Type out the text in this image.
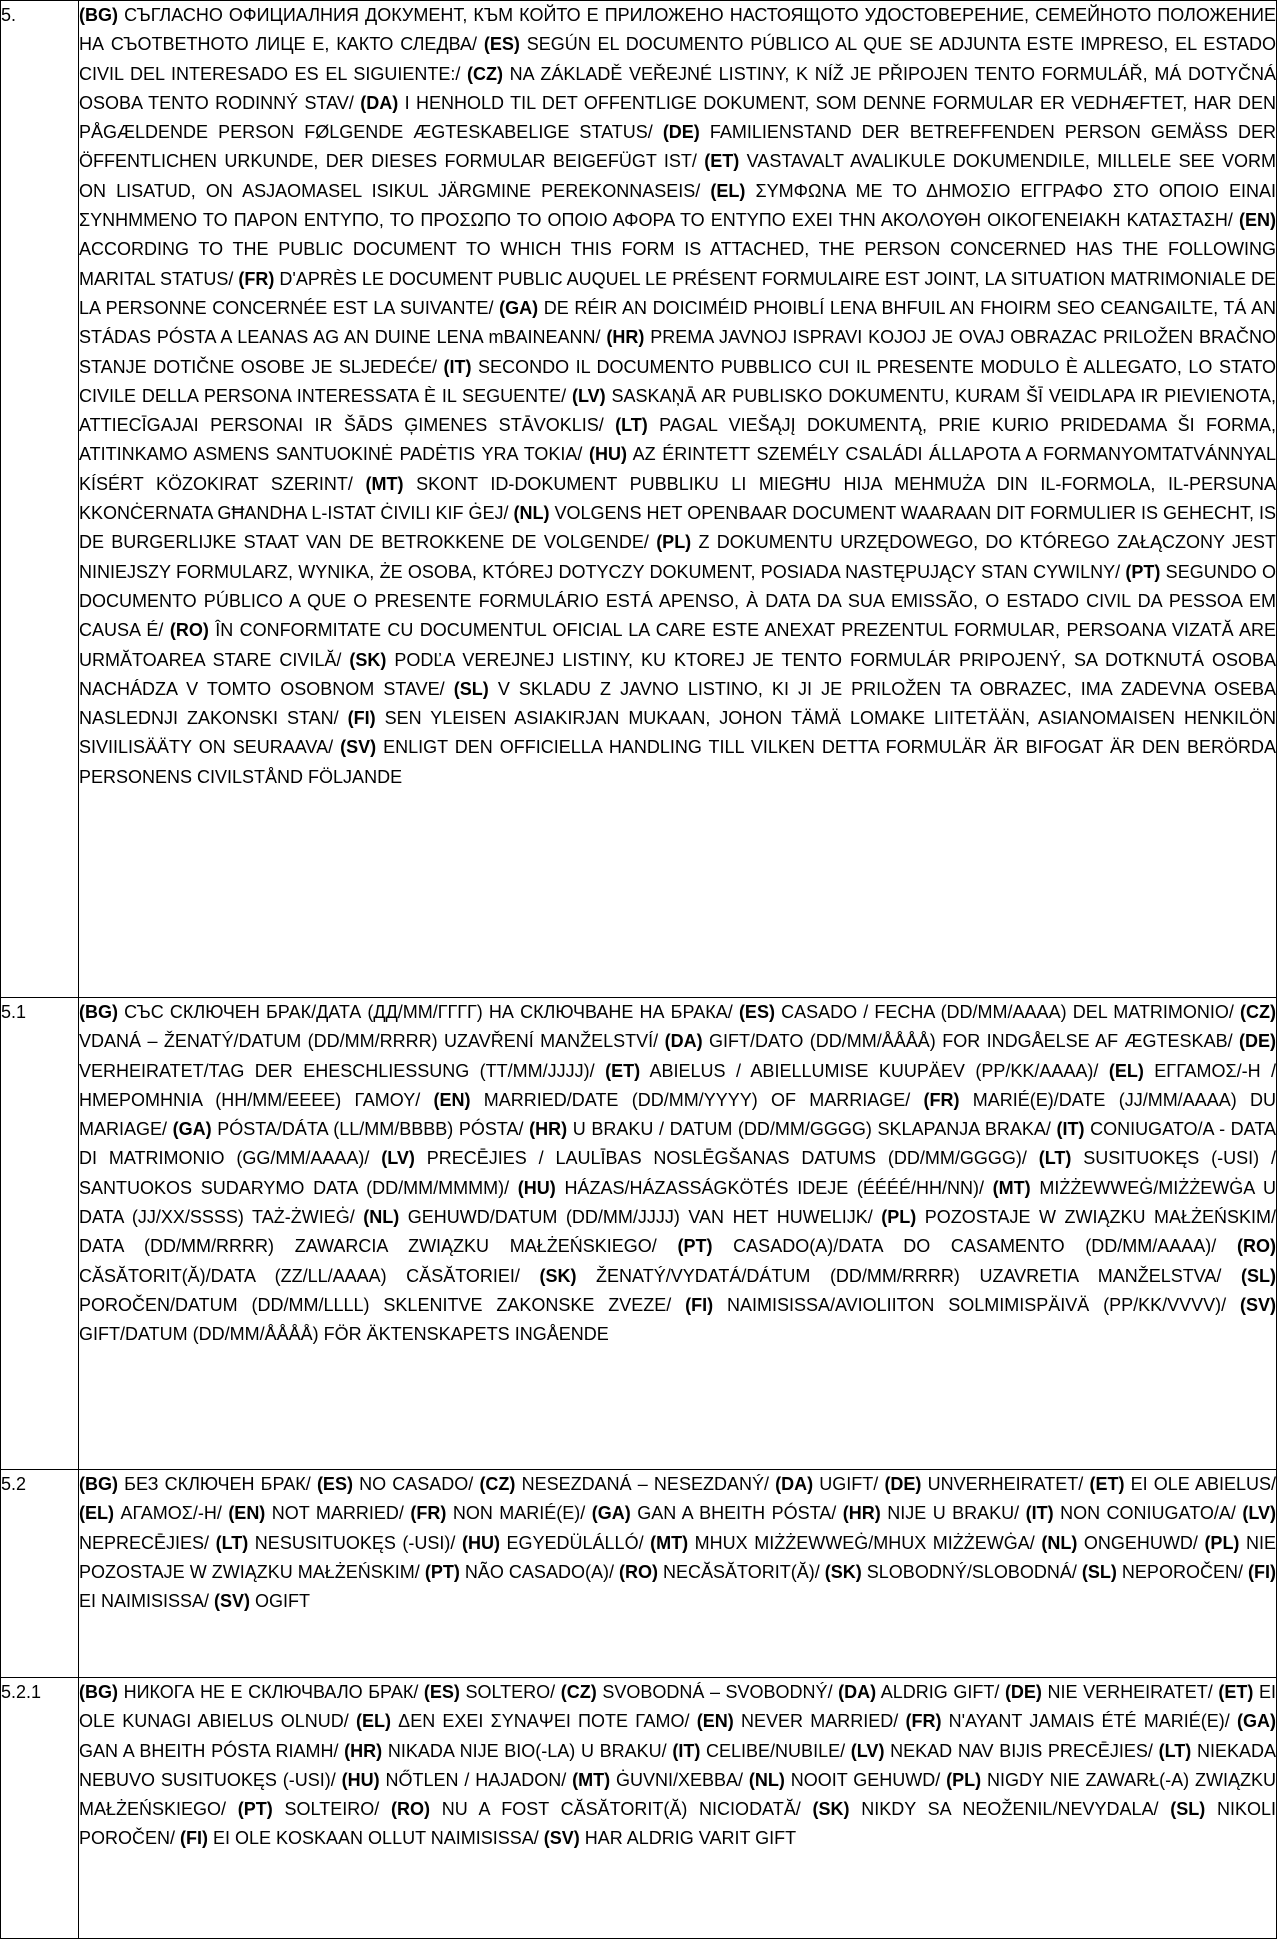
5.	(BG) СЪГЛАСНО ОФИЦИАЛНИЯ ДОКУМЕНТ, КЪМ КОЙТО Е ПРИЛОЖЕНО НАСТОЯЩОТО УДОСТОВЕРЕНИЕ, СЕМЕЙНОТО ПОЛОЖЕНИЕ НА СЪОТВЕТНОТО ЛИЦЕ Е, КАКТО СЛЕДВА/ (ES) SEGÚN EL DOCUMENTO PÚBLICO AL QUE SE ADJUNTA ESTE IMPRESO, EL ESTADO CIVIL DEL INTERESADO ES EL SIGUIENTE:/ (CZ) NA ZÁKLADĚ VEŘEJNÉ LISTINY, K NÍŽ JE PŘIPOJEN TENTO FORMULÁŘ, MÁ DOTYČNÁ OSOBA TENTO RODINNÝ STAV/ (DA) I HENHOLD TIL DET OFFENTLIGE DOKUMENT, SOM DENNE FORMULAR ER VEDHÆFTET, HAR DEN PÅGÆLDENDE PERSON FØLGENDE ÆGTESKABELIGE STATUS/ (DE) FAMILIENSTAND DER BETREFFENDEN PERSON GEMÄSS DER ÖFFENTLICHEN URKUNDE, DER DIESES FORMULAR BEIGEFÜGT IST/ (ET) VASTAVALT AVALIKULE DOKUMENDILE, MILLELE SEE VORM ON LISATUD, ON ASJAOMASEL ISIKUL JÄRGMINE PEREKONNASEIS/ (EL) ΣΥΜΦΩΝΑ ΜΕ ΤΟ ΔΗΜΟΣΙΟ ΕΓΓΡΑΦΟ ΣΤΟ ΟΠΟΙΟ ΕΙΝΑΙ ΣΥΝΗΜΜΕΝΟ ΤΟ ΠΑΡΟΝ ΕΝΤΥΠΟ, ΤΟ ΠΡΟΣΩΠΟ ΤΟ ΟΠΟΙΟ ΑΦΟΡΑ ΤΟ ΕΝΤΥΠΟ ΕΧΕΙ ΤΗΝ ΑΚΟΛΟΥΘΗ ΟΙΚΟΓΕΝΕΙΑΚΗ ΚΑΤΑΣΤΑΣΗ/ (EN) ACCORDING TO THE PUBLIC DOCUMENT TO WHICH THIS FORM IS ATTACHED, THE PERSON CONCERNED HAS THE FOLLOWING MARITAL STATUS/ (FR) D'APRÈS LE DOCUMENT PUBLIC AUQUEL LE PRÉSENT FORMULAIRE EST JOINT, LA SITUATION MATRIMONIALE DE LA PERSONNE CONCERNÉE EST LA SUIVANTE/ (GA) DE RÉIR AN DOICIMÉID PHOIBLÍ LENA BHFUIL AN FHOIRM SEO CEANGAILTE, TÁ AN STÁDAS PÓSTA A LEANAS AG AN DUINE LENA mBAINEANN/ (HR) PREMA JAVNOJ ISPRAVI KOJOJ JE OVAJ OBRAZAC PRILOŽEN BRAČNO STANJE DOTIČNE OSOBE JE SLJEDEĆE/ (IT) SECONDO IL DOCUMENTO PUBBLICO CUI IL PRESENTE MODULO È ALLEGATO, LO STATO CIVILE DELLA PERSONA INTERESSATA È IL SEGUENTE/ (LV) SASKAŅĀ AR PUBLISKO DOKUMENTU, KURAM ŠĪ VEIDLAPA IR PIEVIENOTA, ATTIECĪGAJAI PERSONAI IR ŠĀDS ĢIMENES STĀVOKLIS/ (LT) PAGAL VIEŠĄJĮ DOKUMENTĄ, PRIE KURIO PRIDEDAMA ŠI FORMA, ATITINKAMO ASMENS SANTUOKINĖ PADĖTIS YRA TOKIA/ (HU) AZ ÉRINTETT SZEMÉLY CSALÁDI ÁLLAPOTA A FORMANYOMTATVÁNNYAL KÍSÉRT KÖZOKIRAT SZERINT/ (MT) SKONT ID-DOKUMENT PUBBLIKU LI MIEGĦU HIJA MEHMUŻA DIN IL-FORMOLA, IL-PERSUNA KKONĊERNATA GĦANDHA L-ISTAT ĊIVILI KIF ĠEJ/ (NL) VOLGENS HET OPENBAAR DOCUMENT WAARAAN DIT FORMULIER IS GEHECHT, IS DE BURGERLIJKE STAAT VAN DE BETROKKENE DE VOLGENDE/ (PL) Z DOKUMENTU URZĘDOWEGO, DO KTÓREGO ZAŁĄCZONY JEST NINIEJSZY FORMULARZ, WYNIKA, ŻE OSOBA, KTÓREJ DOTYCZY DOKUMENT, POSIADA NASTĘPUJĄCY STAN CYWILNY/ (PT) SEGUNDO O DOCUMENTO PÚBLICO A QUE O PRESENTE FORMULÁRIO ESTÁ APENSO, À DATA DA SUA EMISSÃO, O ESTADO CIVIL DA PESSOA EM CAUSA É/ (RO) ÎN CONFORMITATE CU DOCUMENTUL OFICIAL LA CARE ESTE ANEXAT PREZENTUL FORMULAR, PERSOANA VIZATĂ ARE URMĂTOAREA STARE CIVILĂ/ (SK) PODĽA VEREJNEJ LISTINY, KU KTOREJ JE TENTO FORMULÁR PRIPOJENÝ, SA DOTKNUTÁ OSOBA NACHÁDZA V TOMTO OSOBNOM STAVE/ (SL) V SKLADU Z JAVNO LISTINO, KI JI JE PRILOŽEN TA OBRAZEC, IMA ZADEVNA OSEBA NASLEDNJI ZAKONSKI STAN/ (FI) SEN YLEISEN ASIAKIRJAN MUKAAN, JOHON TÄMÄ LOMAKE LIITETÄÄN, ASIANOMAISEN HENKILÖN SIVIILISÄÄTY ON SEURAAVA/ (SV) ENLIGT DEN OFFICIELLA HANDLING TILL VILKEN DETTA FORMULÄR ÄR BIFOGAT ÄR DEN BERÖRDA PERSONENS CIVILSTÅND FÖLJANDE
5.1	(BG) СЪС СКЛЮЧЕН БРАК/ДАТА (ДД/ММ/ГГГГ) НА СКЛЮЧВАНЕ НА БРАКА/ (ES) CASADO / FECHA (DD/MM/AAAA) DEL MATRIMONIO/ (CZ) VDANÁ – ŽENATÝ/DATUM (DD/MM/RRRR) UZAVŘENÍ MANŽELSTVÍ/ (DA) GIFT/DATO (DD/MM/ÅÅÅÅ) FOR INDGÅELSE AF ÆGTESKAB/ (DE) VERHEIRATET/TAG DER EHESCHLIESSUNG (TT/MM/JJJJ)/ (ET) ABIELUS / ABIELLUMISE KUUPÄEV (PP/KK/AAAA)/ (EL) ΕΓΓΑΜΟΣ/-Η / ΗΜΕΡΟΜΗΝΙΑ (ΗΗ/ΜΜ/ΕΕΕΕ) ΓΑΜΟΥ/ (EN) MARRIED/DATE (DD/MM/YYYY) OF MARRIAGE/ (FR) MARIÉ(E)/DATE (JJ/MM/AAAA) DU MARIAGE/ (GA) PÓSTA/DÁTA (LL/MM/BBBB) PÓSTA/ (HR) U BRAKU / DATUM (DD/MM/GGGG) SKLAPANJA BRAKA/ (IT) CONIUGATO/A - DATA DI MATRIMONIO (GG/MM/AAAA)/ (LV) PRECĒJIES / LAULĪBAS NOSLĒGŠANAS DATUMS (DD/MM/GGGG)/ (LT) SUSITUOKĘS (-USI) / SANTUOKOS SUDARYMO DATA (DD/MM/MMMM)/ (HU) HÁZAS/HÁZASSÁGKÖTÉS IDEJE (ÉÉÉÉ/HH/NN)/ (MT) MIŻŻEWWEĠ/MIŻŻEWĠA U DATA (JJ/XX/SSSS) TAŻ-ŻWIEĠ/ (NL) GEHUWD/DATUM (DD/MM/JJJJ) VAN HET HUWELIJK/ (PL) POZOSTAJE W ZWIĄZKU MAŁŻEŃSKIM/ DATA (DD/MM/RRRR) ZAWARCIA ZWIĄZKU MAŁŻEŃSKIEGO/ (PT) CASADO(A)/DATA DO CASAMENTO (DD/MM/AAAA)/ (RO) CĂSĂTORIT(Ă)/DATA (ZZ/LL/AAAA) CĂSĂTORIEI/ (SK) ŽENATÝ/VYDATÁ/DÁTUM (DD/MM/RRRR) UZAVRETIA MANŽELSTVA/ (SL) POROČEN/DATUM (DD/MM/LLLL) SKLENITVE ZAKONSKE ZVEZE/ (FI) NAIMISISSA/AVIOLIITON SOLMIMISPÄIVÄ (PP/KK/VVVV)/ (SV) GIFT/DATUM (DD/MM/ÅÅÅÅ) FÖR ÄKTENSKAPETS INGÅENDE
5.2	(BG) БЕЗ СКЛЮЧЕН БРАК/ (ES) NO CASADO/ (CZ) NESEZDANÁ – NESEZDANÝ/ (DA) UGIFT/ (DE) UNVERHEIRATET/ (ET) EI OLE ABIELUS/ (EL) ΑΓΑΜΟΣ/-Η/ (EN) NOT MARRIED/ (FR) NON MARIÉ(E)/ (GA) GAN A BHEITH PÓSTA/ (HR) NIJE U BRAKU/ (IT) NON CONIUGATO/A/ (LV) NEPRECĒJIES/ (LT) NESUSITUOKĘS (-USI)/ (HU) EGYEDÜLÁLLÓ/ (MT) MHUX MIŻŻEWWEĠ/MHUX MIŻŻEWĠA/ (NL) ONGEHUWD/ (PL) NIE POZOSTAJE W ZWIĄZKU MAŁŻEŃSKIM/ (PT) NÃO CASADO(A)/ (RO) NECĂSĂTORIT(Ă)/ (SK) SLOBODNÝ/SLOBODNÁ/ (SL) NEPOROČEN/ (FI) EI NAIMISISSA/ (SV) OGIFT
5.2.1	(BG) НИКОГА НЕ Е СКЛЮЧВАЛО БРАК/ (ES) SOLTERO/ (CZ) SVOBODNÁ – SVOBODNÝ/ (DA) ALDRIG GIFT/ (DE) NIE VERHEIRATET/ (ET) EI OLE KUNAGI ABIELUS OLNUD/ (EL) ΔΕΝ ΕΧΕΙ ΣΥΝΑΨΕΙ ΠΟΤΕ ΓΑΜΟ/ (EN) NEVER MARRIED/ (FR) N'AYANT JAMAIS ÉTÉ MARIÉ(E)/ (GA) GAN A BHEITH PÓSTA RIAMH/ (HR) NIKADA NIJE BIO(-LA) U BRAKU/ (IT) CELIBE/NUBILE/ (LV) NEKAD NAV BIJIS PRECĒJIES/ (LT) NIEKADA NEBUVO SUSITUOKĘS (-USI)/ (HU) NŐTLEN / HAJADON/ (MT) ĠUVNI/XEBBA/ (NL) NOOIT GEHUWD/ (PL) NIGDY NIE ZAWARŁ(-A) ZWIĄZKU MAŁŻEŃSKIEGO/ (PT) SOLTEIRO/ (RO) NU A FOST CĂSĂTORIT(Ă) NICIODATĂ/ (SK) NIKDY SA NEOŽENIL/NEVYDALA/ (SL) NIKOLI POROČEN/ (FI) EI OLE KOSKAAN OLLUT NAIMISISSA/ (SV) HAR ALDRIG VARIT GIFT
